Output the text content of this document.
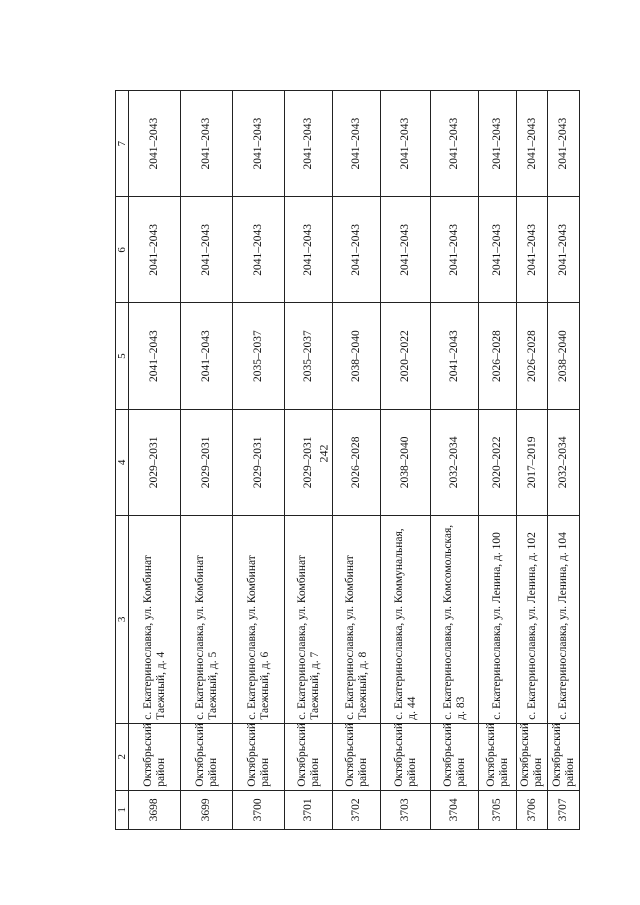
242
1	2	3	4	5	6	7
3698	Октябрьский район	с. Екатеринославка, ул. Комбинат Таежный, д. 4	2029–2031	2041–2043	2041–2043	2041–2043
3699	Октябрьский район	с. Екатеринославка, ул. Комбинат Таежный, д. 5	2029–2031	2041–2043	2041–2043	2041–2043
3700	Октябрьский район	с. Екатеринославка, ул. Комбинат Таежный, д. 6	2029–2031	2035–2037	2041–2043	2041–2043
3701	Октябрьский район	с. Екатеринославка, ул. Комбинат Таежный, д. 7	2029–2031	2035–2037	2041–2043	2041–2043
3702	Октябрьский район	с. Екатеринославка, ул. Комбинат Таежный, д. 8	2026–2028	2038–2040	2041–2043	2041–2043
3703	Октябрьский район	с. Екатеринославка, ул. Коммунальная, д. 44	2038–2040	2020–2022	2041–2043	2041–2043
3704	Октябрьский район	с. Екатеринославка, ул. Комсомольская, д. 83	2032–2034	2041–2043	2041–2043	2041–2043
3705	Октябрьский район	с. Екатеринославка, ул. Ленина, д. 100	2020–2022	2026–2028	2041–2043	2041–2043
3706	Октябрьский район	с. Екатеринославка, ул. Ленина, д. 102	2017–2019	2026–2028	2041–2043	2041–2043
3707	Октябрьский район	с. Екатеринославка, ул. Ленина, д. 104	2032–2034	2038–2040	2041–2043	2041–2043
